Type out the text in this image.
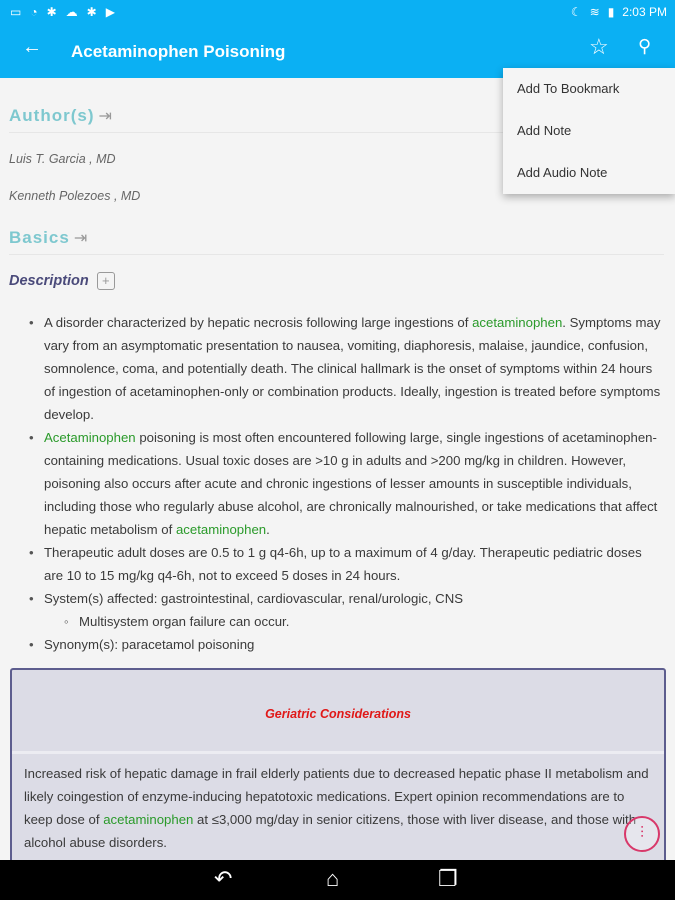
▭ ◔ ✱ ☁ ✱ ▶	☾ ≋ ▮ 2:03 PM
← Acetaminophen Poisoning	☆ ⚲
Add To Bookmark
Add Note
Add Audio Note
Author(s) ⇥
Luis T. Garcia , MD
Kenneth Polezoes , MD
Basics ⇥
Description +
• A disorder characterized by hepatic necrosis following large ingestions of acetaminophen. Symptoms may vary from an asymptomatic presentation to nausea, vomiting, diaphoresis, malaise, jaundice, confusion, somnolence, coma, and potentially death. The clinical hallmark is the onset of symptoms within 24 hours of ingestion of acetaminophen-only or combination products. Ideally, ingestion is treated before symptoms develop.
• Acetaminophen poisoning is most often encountered following large, single ingestions of acetaminophen-containing medications. Usual toxic doses are >10 g in adults and >200 mg/kg in children. However, poisoning also occurs after acute and chronic ingestions of lesser amounts in susceptible individuals, including those who regularly abuse alcohol, are chronically malnourished, or take medications that affect hepatic metabolism of acetaminophen.
• Therapeutic adult doses are 0.5 to 1 g q4-6h, up to a maximum of 4 g/day. Therapeutic pediatric doses are 10 to 15 mg/kg q4-6h, not to exceed 5 doses in 24 hours.
• System(s) affected: gastrointestinal, cardiovascular, renal/urologic, CNS
◦ Multisystem organ failure can occur.
• Synonym(s): paracetamol poisoning
Geriatric Considerations
Increased risk of hepatic damage in frail elderly patients due to decreased hepatic phase II metabolism and likely coingestion of enzyme-inducing hepatotoxic medications. Expert opinion recommendations are to keep dose of acetaminophen at ≤3,000 mg/day in senior citizens, those with liver disease, and those with alcohol abuse disorders.
⫶
↶	⌂	❐
